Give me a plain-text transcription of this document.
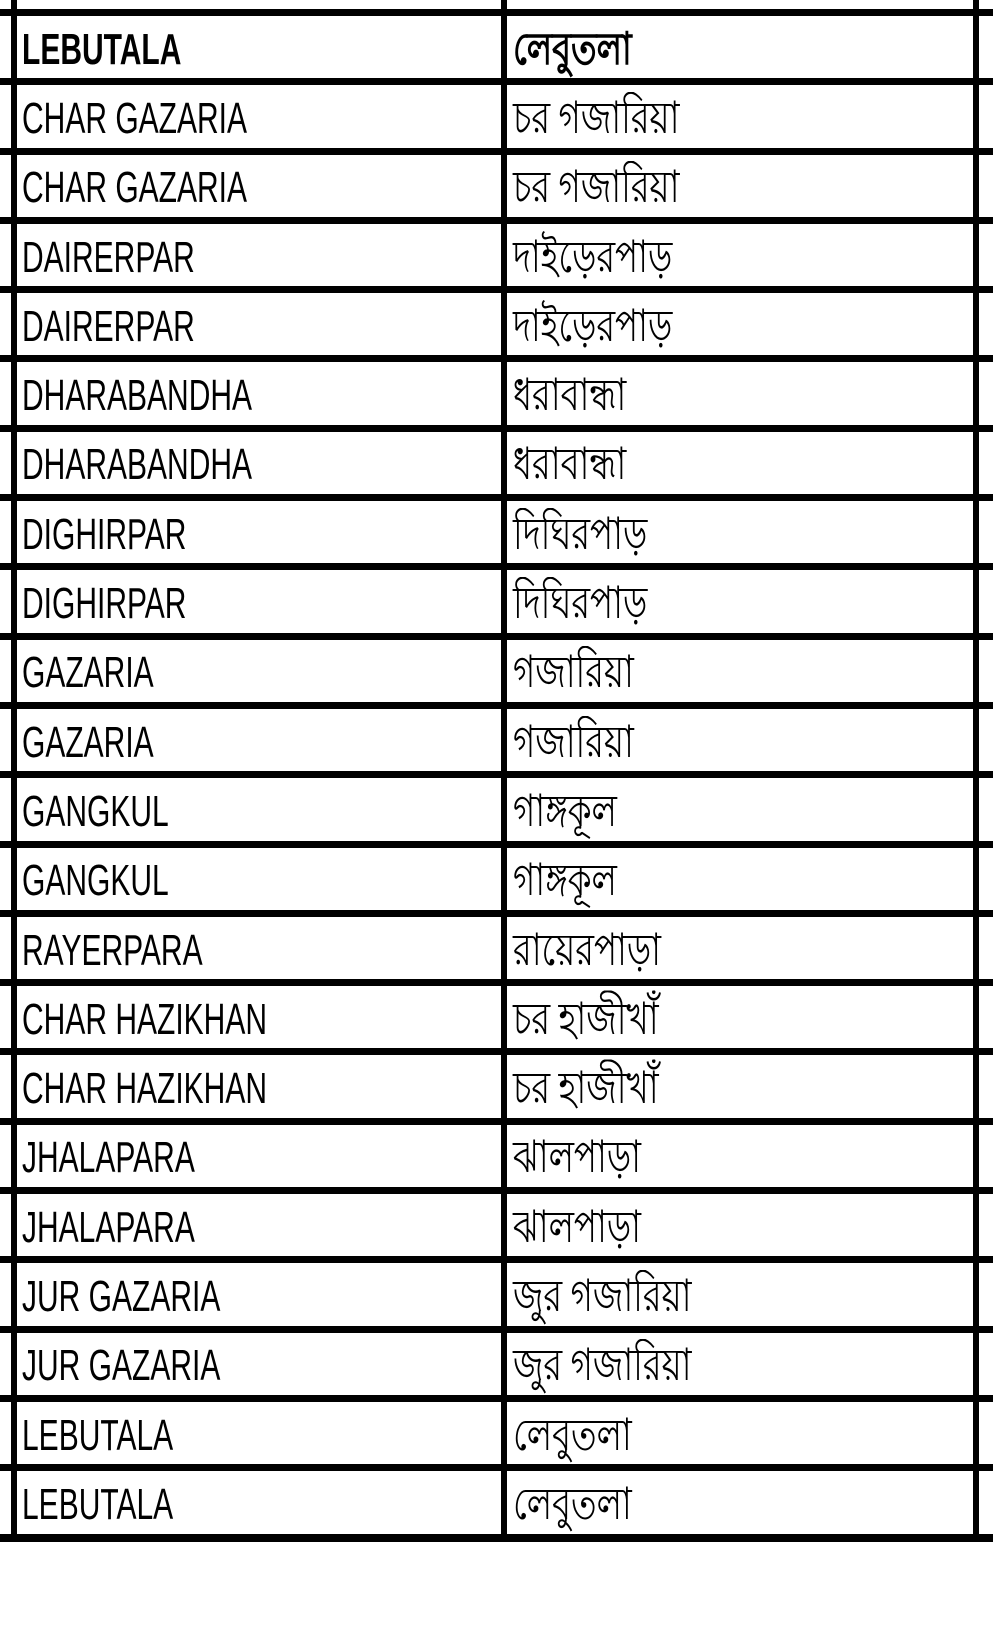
LEBUTALA	লেবুতলা
CHAR GAZARIA	চর গজারিয়া
CHAR GAZARIA	চর গজারিয়া
DAIRERPAR	দাইড়েরপাড়
DAIRERPAR	দাইড়েরপাড়
DHARABANDHA	ধরাবান্ধা
DHARABANDHA	ধরাবান্ধা
DIGHIRPAR	দিঘিরপাড়
DIGHIRPAR	দিঘিরপাড়
GAZARIA	গজারিয়া
GAZARIA	গজারিয়া
GANGKUL	গাঙ্গকূল
GANGKUL	গাঙ্গকূল
RAYERPARA	রায়েরপাড়া
CHAR HAZIKHAN	চর হাজীখাঁ
CHAR HAZIKHAN	চর হাজীখাঁ
JHALAPARA	ঝালপাড়া
JHALAPARA	ঝালপাড়া
JUR GAZARIA	জুর গজারিয়া
JUR GAZARIA	জুর গজারিয়া
LEBUTALA	লেবুতলা
LEBUTALA	লেবুতলা
